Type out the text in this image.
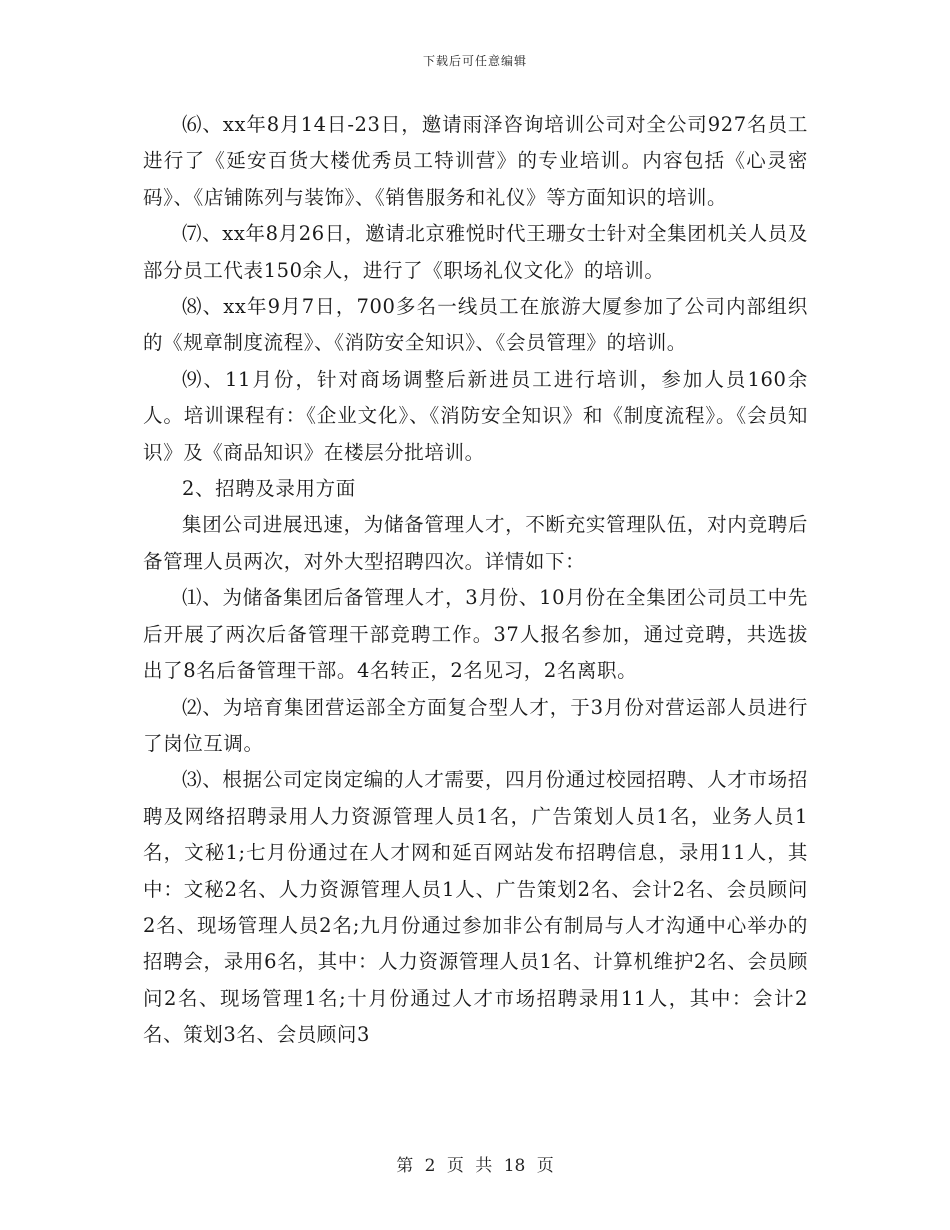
下载后可任意编辑

⑹、xx年8月14日-23日，邀请雨泽咨询培训公司对全公司927名员工进行了《延安百货大楼优秀员工特训营》的专业培训。内容包括《心灵密码》、《店铺陈列与装饰》、《销售服务和礼仪》等方面知识的培训。

⑺、xx年8月26日，邀请北京雅悦时代王珊女士针对全集团机关人员及部分员工代表150余人，进行了《职场礼仪文化》的培训。

⑻、xx年9月7日，700多名一线员工在旅游大厦参加了公司内部组织的《规章制度流程》、《消防安全知识》、《会员管理》的培训。

⑼、11月份，针对商场调整后新进员工进行培训，参加人员160余人。培训课程有：《企业文化》、《消防安全知识》和《制度流程》。《会员知识》及《商品知识》在楼层分批培训。

2、招聘及录用方面

集团公司进展迅速，为储备管理人才，不断充实管理队伍，对内竞聘后备管理人员两次，对外大型招聘四次。详情如下：

⑴、为储备集团后备管理人才，3月份、10月份在全集团公司员工中先后开展了两次后备管理干部竞聘工作。37人报名参加，通过竞聘，共选拔出了8名后备管理干部。4名转正，2名见习，2名离职。

⑵、为培育集团营运部全方面复合型人才，于3月份对营运部人员进行了岗位互调。

⑶、根据公司定岗定编的人才需要，四月份通过校园招聘、人才市场招聘及网络招聘录用人力资源管理人员1名，广告策划人员1名，业务人员1名，文秘1;七月份通过在人才网和延百网站发布招聘信息，录用11人，其中：文秘2名、人力资源管理人员1人、广告策划2名、会计2名、会员顾问2名、现场管理人员2名;九月份通过参加非公有制局与人才沟通中心举办的招聘会，录用6名，其中：人力资源管理人员1名、计算机维护2名、会员顾问2名、现场管理1名;十月份通过人才市场招聘录用11人，其中：会计2名、策划3名、会员顾问3

第 2 页 共 18 页
